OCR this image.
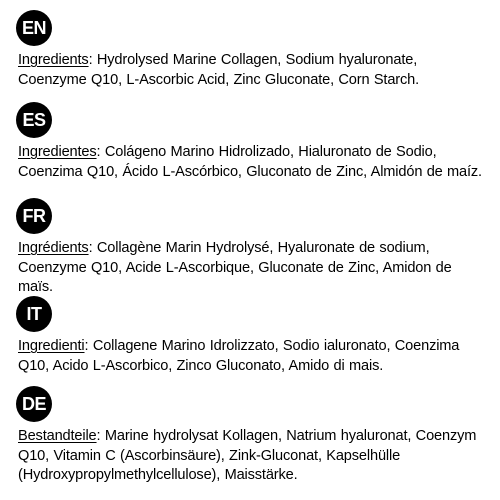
EN
Ingredients: Hydrolysed Marine Collagen, Sodium hyaluronate, Coenzyme Q10, L-Ascorbic Acid, Zinc Gluconate, Corn Starch.
ES
Ingredientes: Colágeno Marino Hidrolizado, Hialuronato de Sodio, Coenzima Q10, Ácido L-Ascórbico, Gluconato de Zinc, Almidón de maíz.
FR
Ingrédients: Collagène Marin Hydrolysé, Hyaluronate de sodium, Coenzyme Q10, Acide L-Ascorbique, Gluconate de Zinc, Amidon de maïs.
IT
Ingredienti: Collagene Marino Idrolizzato, Sodio ialuronato, Coenzima Q10, Acido L-Ascorbico, Zinco Gluconato, Amido di mais.
DE
Bestandteile: Marine hydrolysat Kollagen, Natrium hyaluronat, Coenzym Q10, Vitamin C (Ascorbinsäure), Zink-Gluconat, Kapselhülle (Hydroxypropylmethylcellulose), Maisstärke.
